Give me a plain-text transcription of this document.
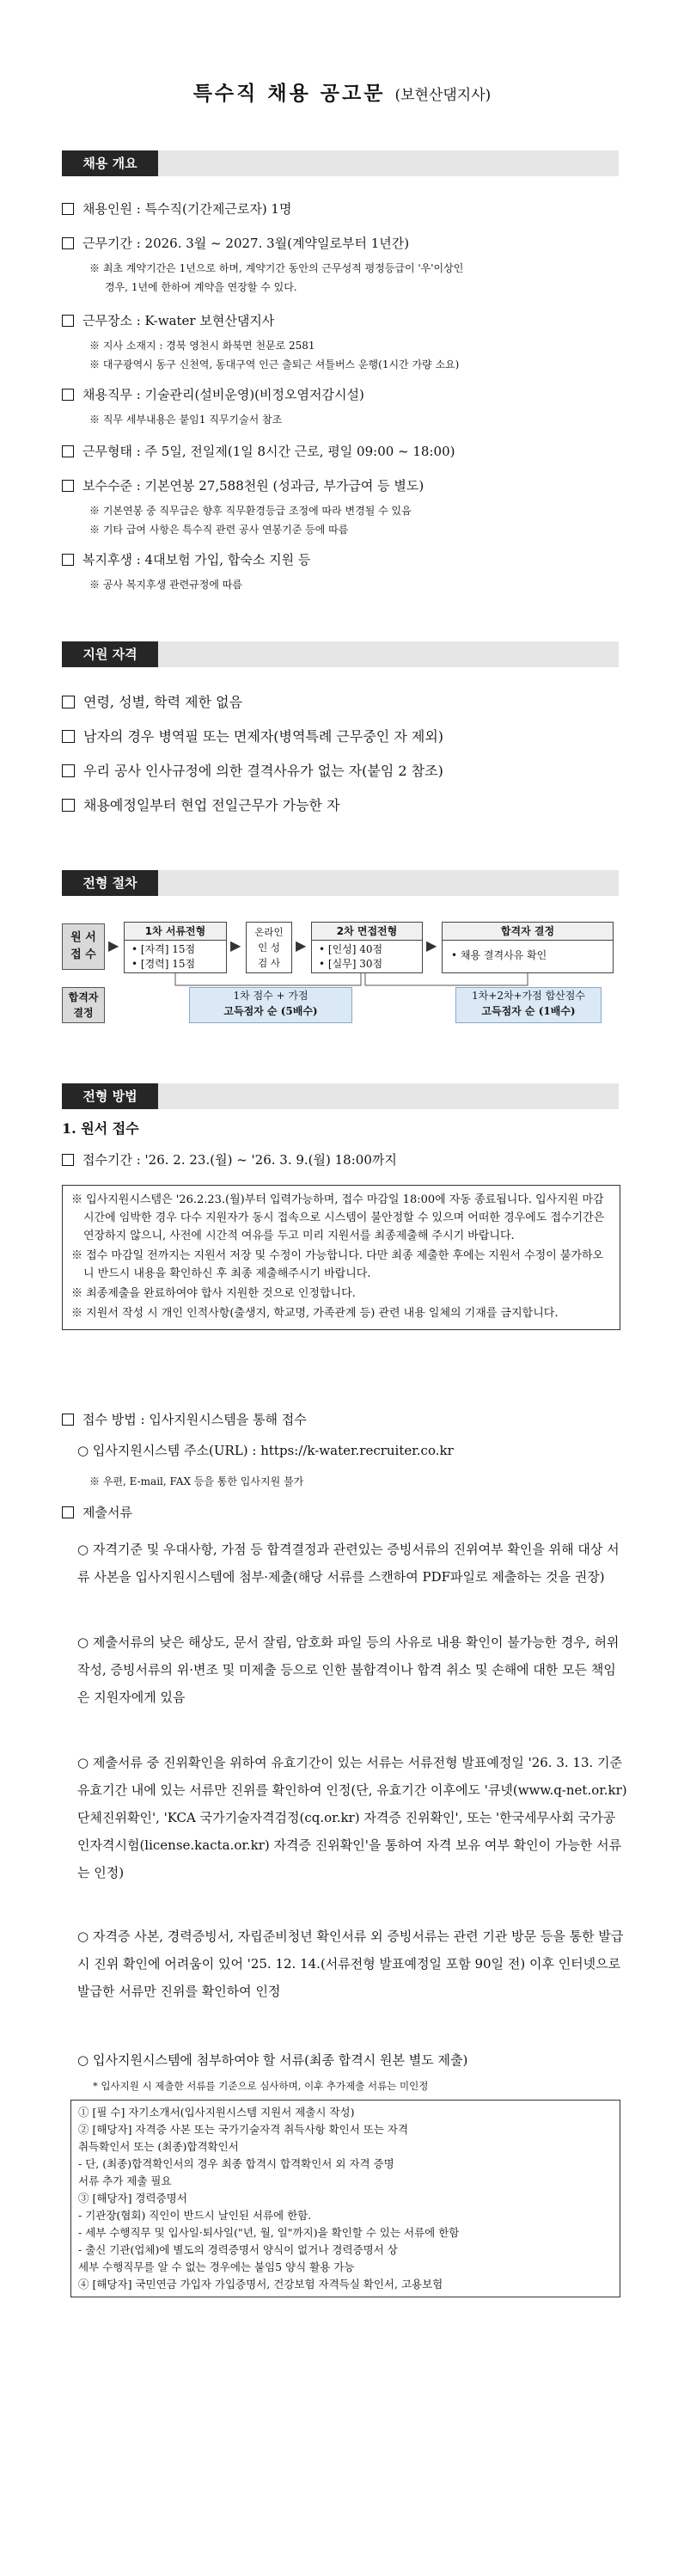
특수직 채용 공고문 (보현산댐지사)
채용 개요
채용인원 : 특수직(기간제근로자) 1명
근무기간 : 2026. 3월 ~ 2027. 3월(계약일로부터 1년간)
※ 최초 계약기간은 1년으로 하며, 계약기간 동안의 근무성적 평정등급이 '우'이상인
경우, 1년에 한하여 계약을 연장할 수 있다.
근무장소 : K-water 보현산댐지사
※ 지사 소재지 : 경북 영천시 화북면 천문로 2581
※ 대구광역시 동구 신천역, 동대구역 인근 출퇴근 셔틀버스 운행(1시간 가량 소요)
채용직무 : 기술관리(설비운영)(비정오염저감시설)
※ 직무 세부내용은 붙임1 직무기술서 참조
근무형태 : 주 5일, 전일제(1일 8시간 근로, 평일 09:00 ~ 18:00)
보수수준 : 기본연봉 27,588천원 (성과금, 부가급여 등 별도)
※ 기본연봉 중 직무급은 향후 직무환경등급 조정에 따라 변경될 수 있음
※ 기타 급여 사항은 특수직 관련 공사 연봉기준 등에 따름
복지후생 : 4대보험 가입, 합숙소 지원 등
※ 공사 복지후생 관련규정에 따름
지원 자격
연령, 성별, 학력 제한 없음
남자의 경우 병역필 또는 면제자(병역특례 근무중인 자 제외)
우리 공사 인사규정에 의한 결격사유가 없는 자(붙임 2 참조)
채용예정일부터 현업 전일근무가 가능한 자
전형 절차
원 서
접 수
▶
1차 서류전형
• [자격] 15점
• [경력] 15점
▶
온라인
인 성
검 사
▶
2차 면접전형
• [인성] 40점
• [실무] 30점
▶
합격자 결정
• 채용 결격사유 확인
합격자
결정
1차 점수 + 가점
고득점자 순 (5배수)
1차+2차+가점 합산점수
고득점자 순 (1배수)
전형 방법
1. 원서 접수
접수기간 : '26. 2. 23.(월) ~ '26. 3. 9.(월) 18:00까지

※ 입사지원시스템은 '26.2.23.(월)부터 입력가능하며, 접수 마감일 18:00에 자동 종료됩니다. 입사지원 마감시간에 임박한 경우 다수 지원자가 동시 접속으로 시스템이 불안정할 수 있으며 어떠한 경우에도 접수기간은 연장하지 않으니, 사전에 시간적 여유를 두고 미리 지원서를 최종제출해 주시기 바랍니다.

※ 접수 마감일 전까지는 지원서 저장 및 수정이 가능합니다. 다만 최종 제출한 후에는 지원서 수정이 불가하오니 반드시 내용을 확인하신 후 최종 제출해주시기 바랍니다.

※ 최종제출을 완료하여야 합사 지원한 것으로 인정합니다.

※ 지원서 작성 시 개인 인적사항(출생지, 학교명, 가족관계 등) 관련 내용 일체의 기재를 금지합니다.

접수 방법 : 입사지원시스템을 통해 접수
○ 입사지원시스템 주소(URL) : https://k-water.recruiter.co.kr
※ 우편, E-mail, FAX 등을 통한 입사지원 불가
제출서류
○ 자격기준 및 우대사항, 가점 등 합격결정과 관련있는 증빙서류의 진위여부 확인을 위해 대상 서류 사본을 입사지원시스템에 첨부·제출(해당 서류를 스캔하여 PDF파일로 제출하는 것을 권장)
○ 제출서류의 낮은 해상도, 문서 잘림, 암호화 파일 등의 사유로 내용 확인이 불가능한 경우, 허위 작성, 증빙서류의 위·변조 및 미제출 등으로 인한 불합격이나 합격 취소 및 손해에 대한 모든 책임은 지원자에게 있음
○ 제출서류 중 진위확인을 위하여 유효기간이 있는 서류는 서류전형 발표예정일 '26. 3. 13. 기준 유효기간 내에 있는 서류만 진위를 확인하여 인정(단, 유효기간 이후에도 '큐넷(www.q-net.or.kr) 단체진위확인', 'KCA 국가기술자격검정(cq.or.kr) 자격증 진위확인', 또는 '한국세무사회 국가공인자격시험(license.kacta.or.kr) 자격증 진위확인'을 통하여 자격 보유 여부 확인이 가능한 서류는 인정)
○ 자격증 사본, 경력증빙서, 자립준비청년 확인서류 외 증빙서류는 관련 기관 방문 등을 통한 발급 시 진위 확인에 어려움이 있어 '25. 12. 14.(서류전형 발표예정일 포함 90일 전) 이후 인터넷으로 발급한 서류만 진위를 확인하여 인정
○ 입사지원시스템에 첨부하여야 할 서류(최종 합격시 원본 별도 제출)
* 입사지원 시 제출한 서류를 기준으로 심사하며, 이후 추가제출 서류는 미인정
① [필 수] 자기소개서(입사지원시스템 지원서 제출시 작성)
② [해당자] 자격증 사본 또는 국가기술자격 취득사항 확인서 또는 자격
취득확인서 또는 (최종)합격확인서
- 단, (최종)합격확인서의 경우 최종 합격시 합격확인서 외 자격 증명
서류 추가 제출 필요
③ [해당자] 경력증명서
- 기관장(협회) 직인이 반드시 날인된 서류에 한함.
- 세부 수행직무 및 입사일·퇴사일("년, 월, 일"까지)을 확인할 수 있는 서류에 한함
- 출신 기관(업체)에 별도의 경력증명서 양식이 없거나 경력증명서 상
세부 수행직무를 알 수 없는 경우에는 붙임5 양식 활용 가능
④ [해당자] 국민연금 가입자 가입증명서, 건강보험 자격득실 확인서, 고용보험
